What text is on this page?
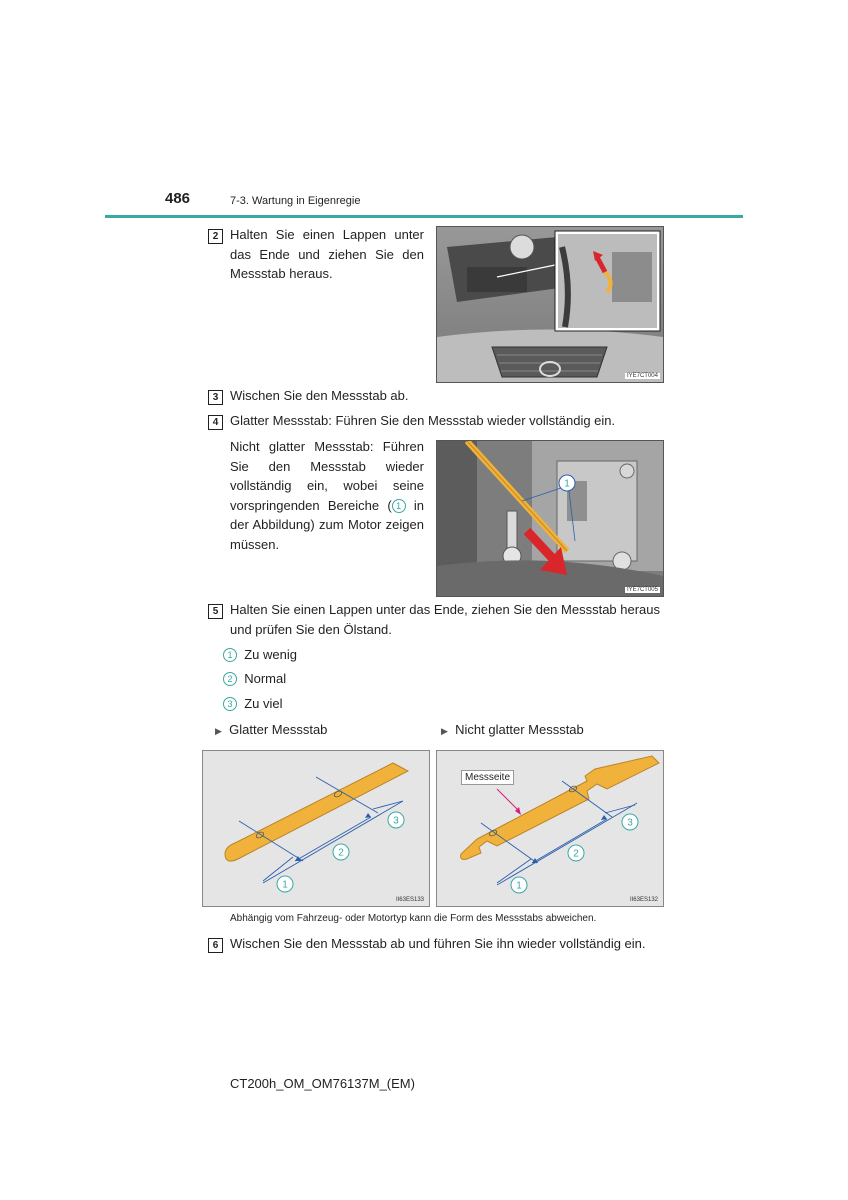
486	7-3. Wartung in Eigenregie
2 Halten Sie einen Lappen unter das Ende und ziehen Sie den Messstab heraus.
IYE7CT004
3 Wischen Sie den Messstab ab.
4 Glatter Messstab: Führen Sie den Messstab wieder vollständig ein.
Nicht glatter Messstab: Führen Sie den Messstab wieder vollständig ein, wobei seine vorspringenden Bereiche ( 1 in der Abbildung) zum Motor zeigen müssen.
1
IYE7CT005
5 Halten Sie einen Lappen unter das Ende, ziehen Sie den Messstab heraus und prüfen Sie den Ölstand.
1 Zu wenig
2 Normal
3 Zu viel
▶ Glatter Messstab	▶ Nicht glatter Messstab
3
2
1
II63ES133
3
2
1
Messseite
II63ES132
Abhängig vom Fahrzeug- oder Motortyp kann die Form des Messstabs abweichen.
6 Wischen Sie den Messstab ab und führen Sie ihn wieder vollständig ein.
CT200h_OM_OM76137M_(EM)
